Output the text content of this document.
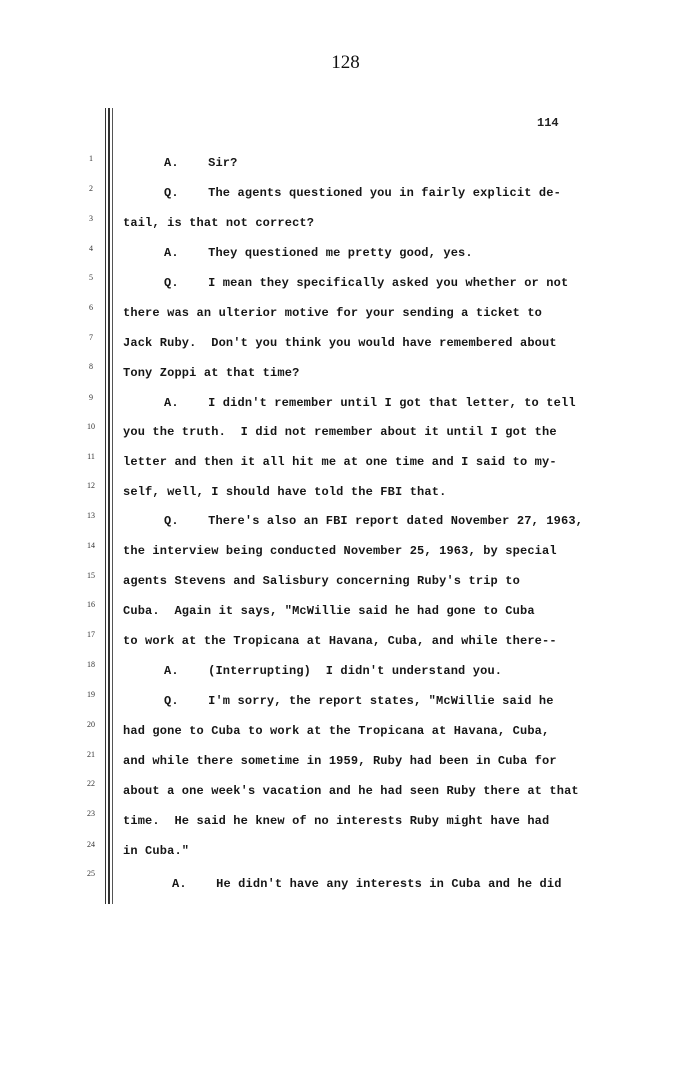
128
114
1
2
3
4
5
6
7
8
9
10
11
12
13
14
15
16
17
18
19
20
21
22
23
24
25
A.    Sir?
Q.    The agents questioned you in fairly explicit de-
tail, is that not correct?
A.    They questioned me pretty good, yes.
Q.    I mean they specifically asked you whether or not
there was an ulterior motive for your sending a ticket to
Jack Ruby.  Don't you think you would have remembered about
Tony Zoppi at that time?
A.    I didn't remember until I got that letter, to tell
you the truth.  I did not remember about it until I got the
letter and then it all hit me at one time and I said to my-
self, well, I should have told the FBI that.
Q.    There's also an FBI report dated November 27, 1963,
the interview being conducted November 25, 1963, by special
agents Stevens and Salisbury concerning Ruby's trip to
Cuba.  Again it says, "McWillie said he had gone to Cuba
to work at the Tropicana at Havana, Cuba, and while there--
A.    (Interrupting)  I didn't understand you.
Q.    I'm sorry, the report states, "McWillie said he
had gone to Cuba to work at the Tropicana at Havana, Cuba,
and while there sometime in 1959, Ruby had been in Cuba for
about a one week's vacation and he had seen Ruby there at that
time.  He said he knew of no interests Ruby might have had
in Cuba."
A.    He didn't have any interests in Cuba and he did
